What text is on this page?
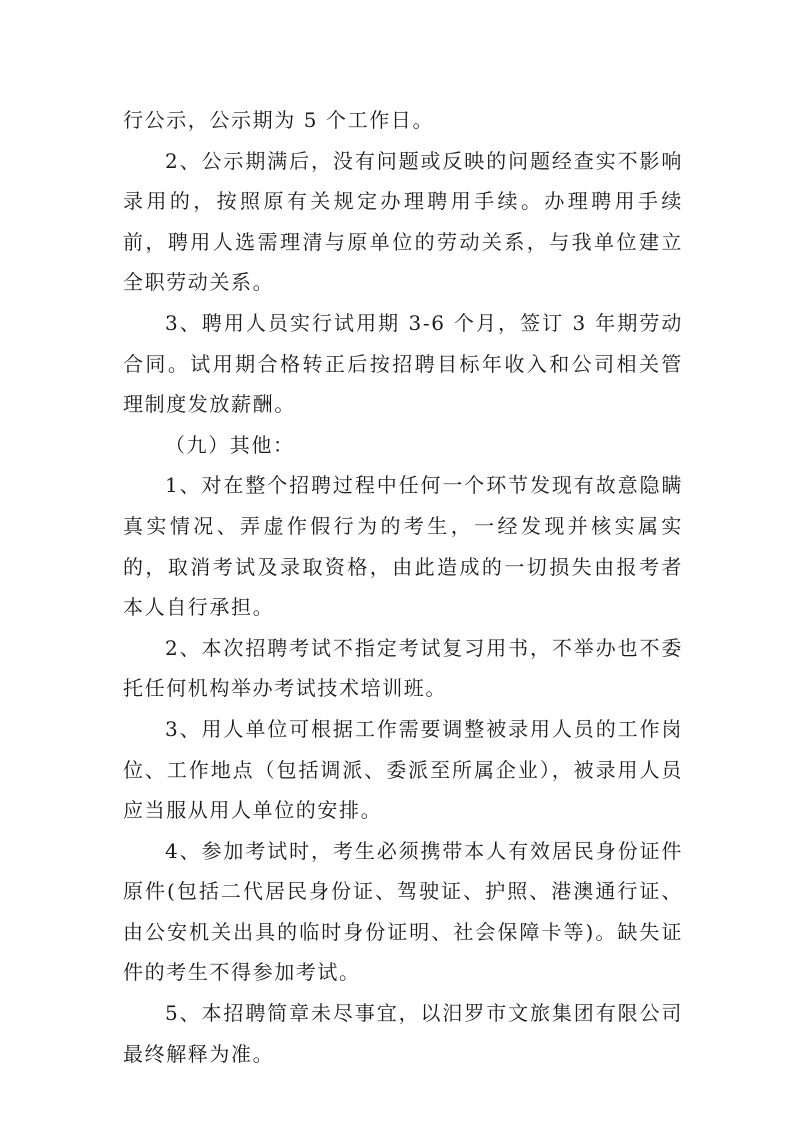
行公示，公示期为 5 个工作日。

2、公示期满后，没有问题或反映的问题经查实不影响录用的，按照原有关规定办理聘用手续。办理聘用手续前，聘用人选需理清与原单位的劳动关系，与我单位建立全职劳动关系。

3、聘用人员实行试用期 3-6 个月，签订 3 年期劳动合同。试用期合格转正后按招聘目标年收入和公司相关管理制度发放薪酬。

（九）其他：

1、对在整个招聘过程中任何一个环节发现有故意隐瞒真实情况、弄虚作假行为的考生，一经发现并核实属实的，取消考试及录取资格，由此造成的一切损失由报考者本人自行承担。

2、本次招聘考试不指定考试复习用书，不举办也不委托任何机构举办考试技术培训班。

3、用人单位可根据工作需要调整被录用人员的工作岗位、工作地点（包括调派、委派至所属企业），被录用人员应当服从用人单位的安排。

4、参加考试时，考生必须携带本人有效居民身份证件原件(包括二代居民身份证、驾驶证、护照、港澳通行证、由公安机关出具的临时身份证明、社会保障卡等)。缺失证件的考生不得参加考试。

5、本招聘简章未尽事宜，以汨罗市文旅集团有限公司最终解释为准。
